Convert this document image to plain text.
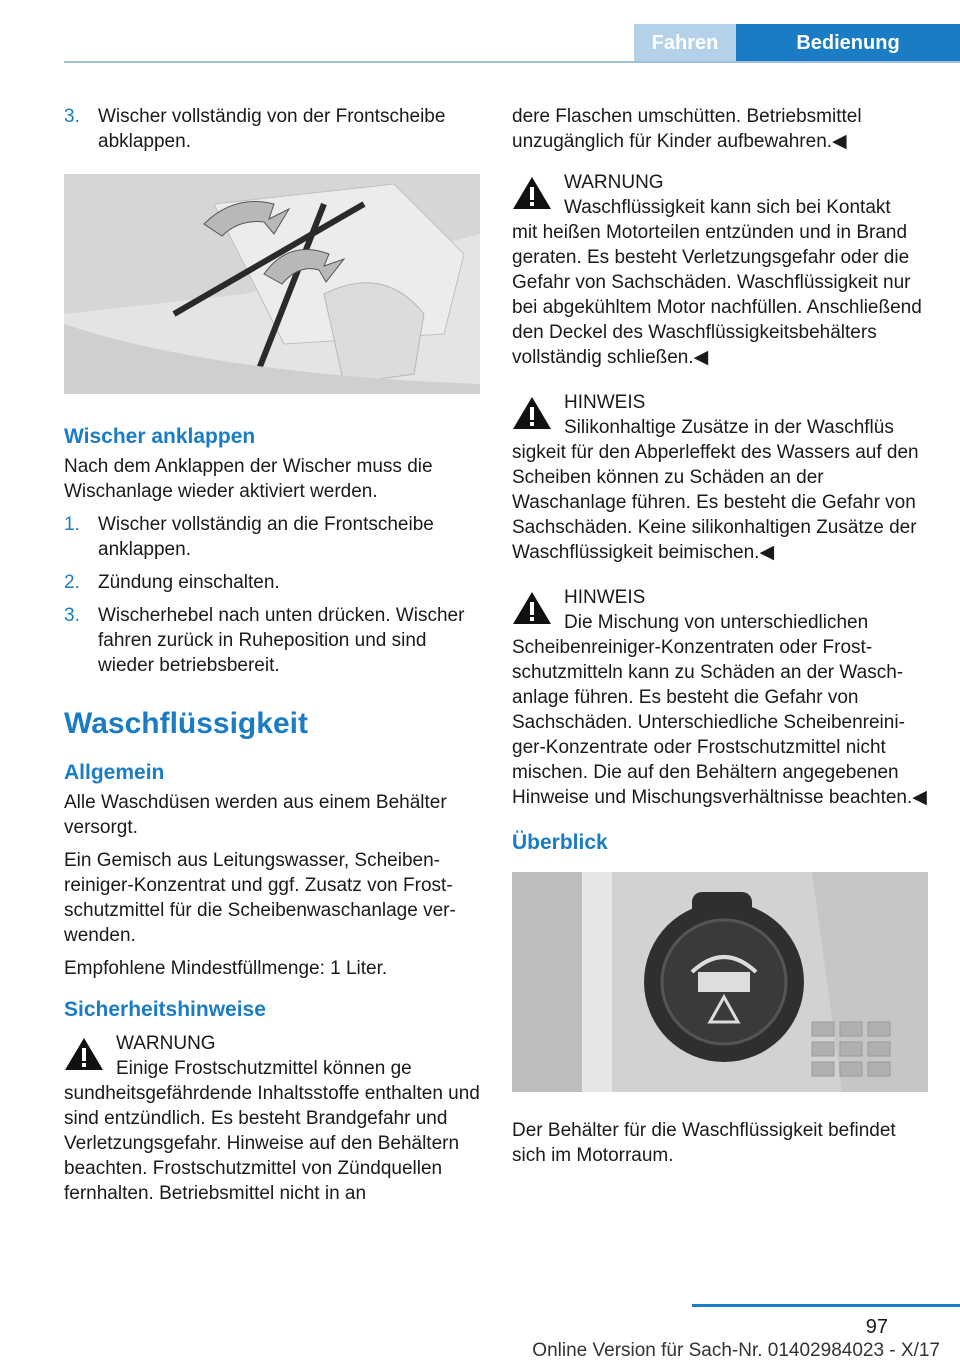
Fahren	Bedienung
3. Wischer vollständig von der Frontscheibe abklappen.
Wischer anklappen

Nach dem Anklappen der Wischer muss die Wischanlage wieder aktiviert werden.

1. Wischer vollständig an die Frontscheibe anklappen.
2. Zündung einschalten.
3. Wischerhebel nach unten drücken. Wischer fahren zurück in Ruheposition und sind wieder betriebsbereit.
Waschflüssigkeit
Allgemein

Alle Waschdüsen werden aus einem Behälter versorgt.

Ein Gemisch aus Leitungswasser, Scheibenreiniger-Konzentrat und ggf. Zusatz von Frostschutzmittel für die Scheibenwaschanlage verwenden.

Empfohlene Mindestfüllmenge: 1 Liter.

Sicherheitshinweise
WARNUNG
Einige Frostschutzmittel können ge

sundheitsgefährdende Inhaltsstoffe enthalten und sind entzündlich. Es besteht Brandgefahr und Verletzungsgefahr. Hinweise auf den Behältern beachten. Frostschutzmittel von Zündquellen fernhalten. Betriebsmittel nicht in an

dere Flaschen umschütten. Betriebsmittel unzugänglich für Kinder aufbewahren.◀

WARNUNG
Waschflüssigkeit kann sich bei Kontakt

mit heißen Motorteilen entzünden und in Brand geraten. Es besteht Verletzungsgefahr oder die Gefahr von Sachschäden. Waschflüssigkeit nur bei abgekühltem Motor nachfüllen. Anschließend den Deckel des Waschflüssigkeitsbehälters vollständig schließen.◀

HINWEIS
Silikonhaltige Zusätze in der Waschflüs

sigkeit für den Abperleffekt des Wassers auf den Scheiben können zu Schäden an der Waschanlage führen. Es besteht die Gefahr von Sachschäden. Keine silikonhaltigen Zusätze der Waschflüssigkeit beimischen.◀

HINWEIS
Die Mischung von unterschiedlichen

Scheibenreiniger-Konzentraten oder Frostschutzmitteln kann zu Schäden an der Waschanlage führen. Es besteht die Gefahr von Sachschäden. Unterschiedliche Scheibenreiniger-Konzentrate oder Frostschutzmittel nicht mischen. Die auf den Behältern angegebenen Hinweise und Mischungsverhältnisse beachten.◀

Überblick

Der Behälter für die Waschflüssigkeit befindet sich im Motorraum.

97
Online Version für Sach-Nr. 01402984023 - X/17
